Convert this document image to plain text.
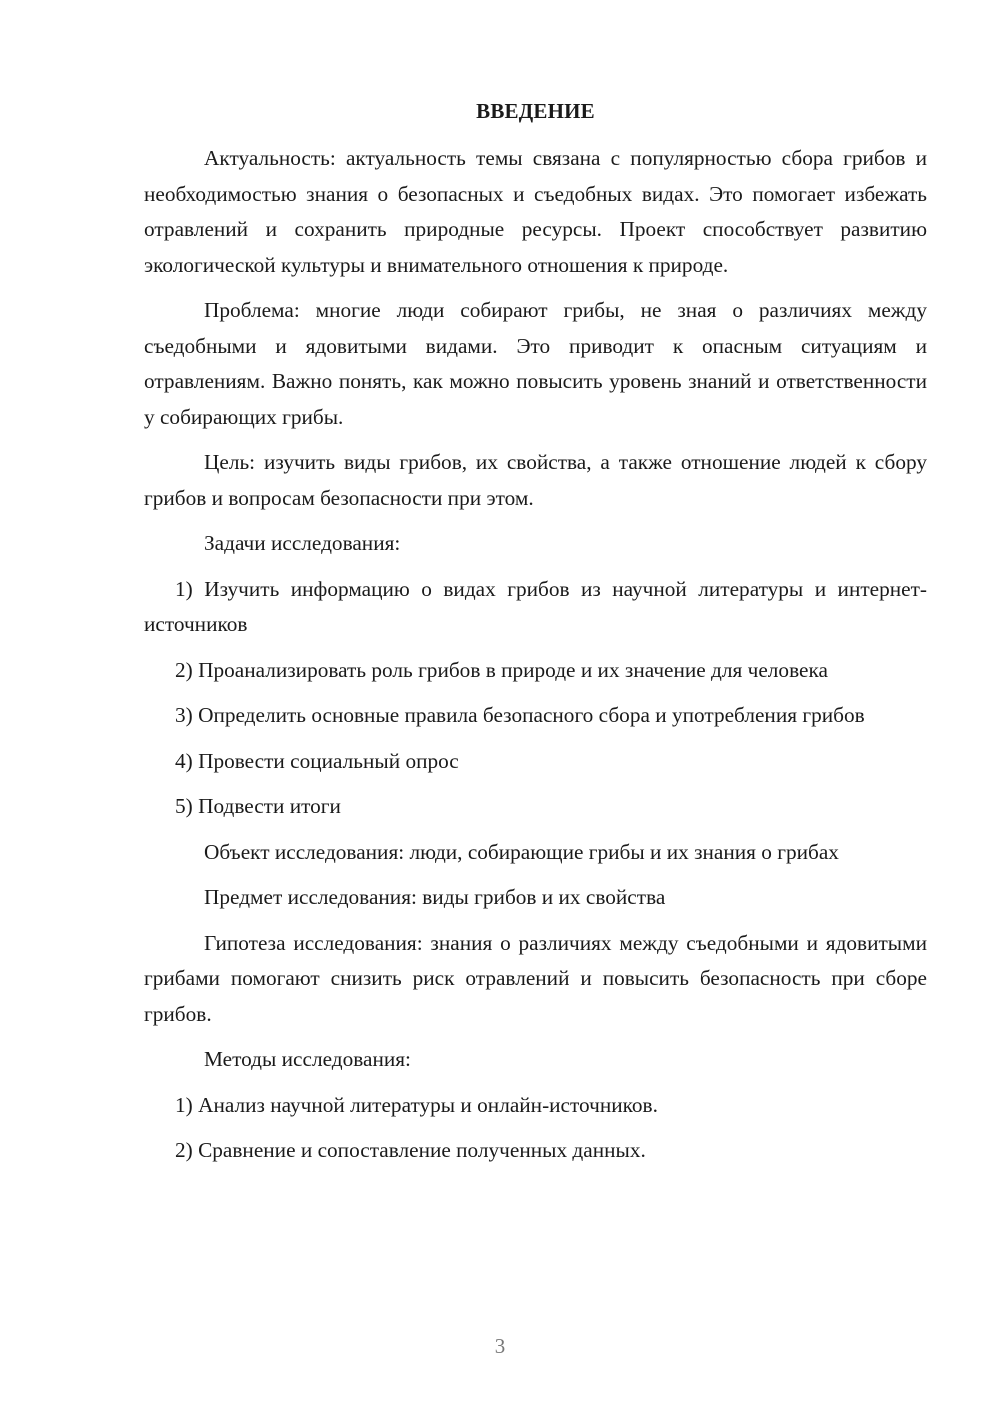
ВВЕДЕНИЕ

Актуальность: актуальность темы связана с популярностью сбора грибов и необходимостью знания о безопасных и съедобных видах. Это помогает избежать отравлений и сохранить природные ресурсы. Проект способствует развитию экологической культуры и внимательного отношения к природе.

Проблема: многие люди собирают грибы, не зная о различиях между съедобными и ядовитыми видами. Это приводит к опасным ситуациям и отравлениям. Важно понять, как можно повысить уровень знаний и ответственности у собирающих грибы.

Цель: изучить виды грибов, их свойства, а также отношение людей к сбору грибов и вопросам безопасности при этом.

Задачи исследования:

1) Изучить информацию о видах грибов из научной литературы и интернет-источников

2) Проанализировать роль грибов в природе и их значение для человека

3) Определить основные правила безопасного сбора и употребления грибов

4) Провести социальный опрос

5) Подвести итоги

Объект исследования: люди, собирающие грибы и их знания о грибах

Предмет исследования: виды грибов и их свойства

Гипотеза исследования: знания о различиях между съедобными и ядовитыми грибами помогают снизить риск отравлений и повысить безопасность при сборе грибов.

Методы исследования:

1) Анализ научной литературы и онлайн-источников.

2) Сравнение и сопоставление полученных данных.

3
